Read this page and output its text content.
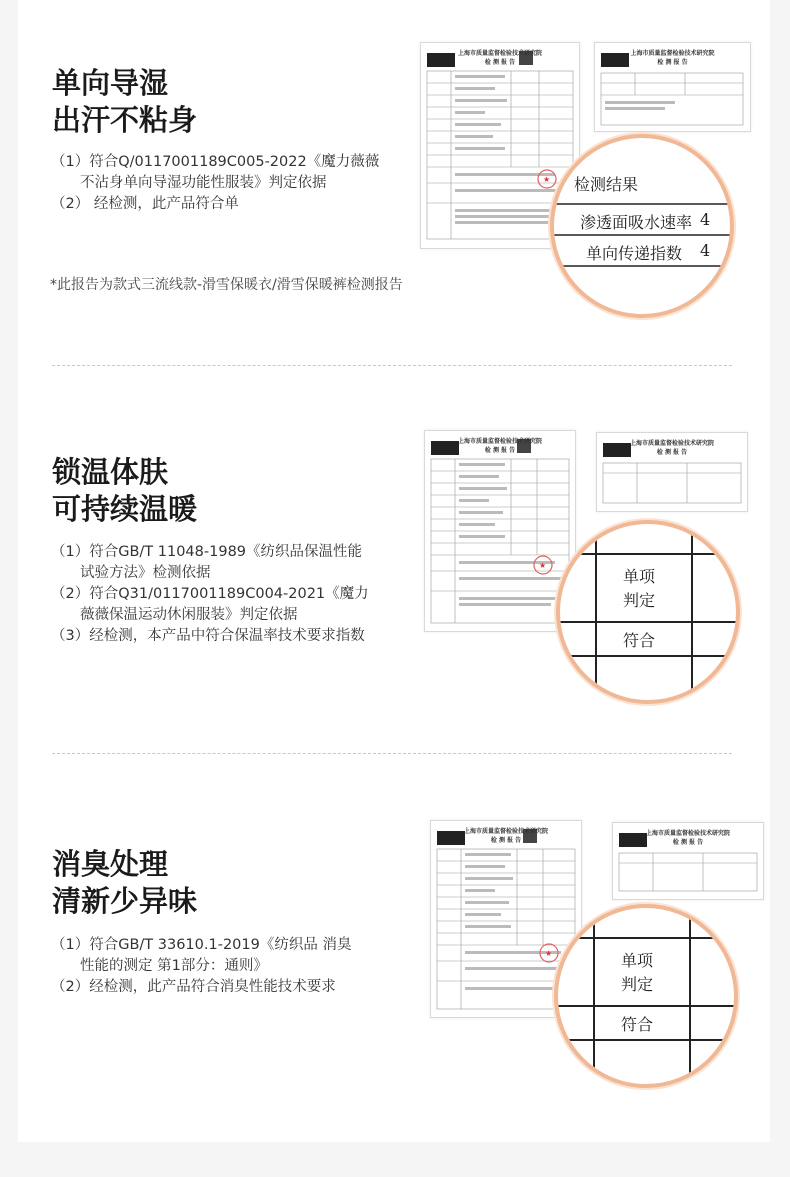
单向导湿
出汗不粘身
（1）符合Q/0117001189C005-2022《魔力薇薇
不沾身单向导湿功能性服装》判定依据
（2） 经检测，此产品符合单
*此报告为款式三流线款-滑雪保暖衣/滑雪保暖裤检测报告
上海市质量监督检验技术研究院
检 测 报 告
★
上海市质量监督检验技术研究院
检 测 报 告
检测结果
渗透面吸水速率 4
单向传递指数 4
锁温体肤
可持续温暖
（1）符合GB/T 11048-1989《纺织品保温性能
试验方法》检测依据
（2）符合Q31/0117001189C004-2021《魔力
薇薇保温运动休闲服装》判定依据
（3）经检测，本产品中符合保温率技术要求指数
上海市质量监督检验技术研究院
检 测 报 告
★
上海市质量监督检验技术研究院
检 测 报 告
单项
判定
符合
消臭处理
清新少异味
（1）符合GB/T 33610.1-2019《纺织品 消臭
性能的测定 第1部分：通则》
（2）经检测，此产品符合消臭性能技术要求
上海市质量监督检验技术研究院
检 测 报 告
★
上海市质量监督检验技术研究院
检 测 报 告
单项
判定
符合
